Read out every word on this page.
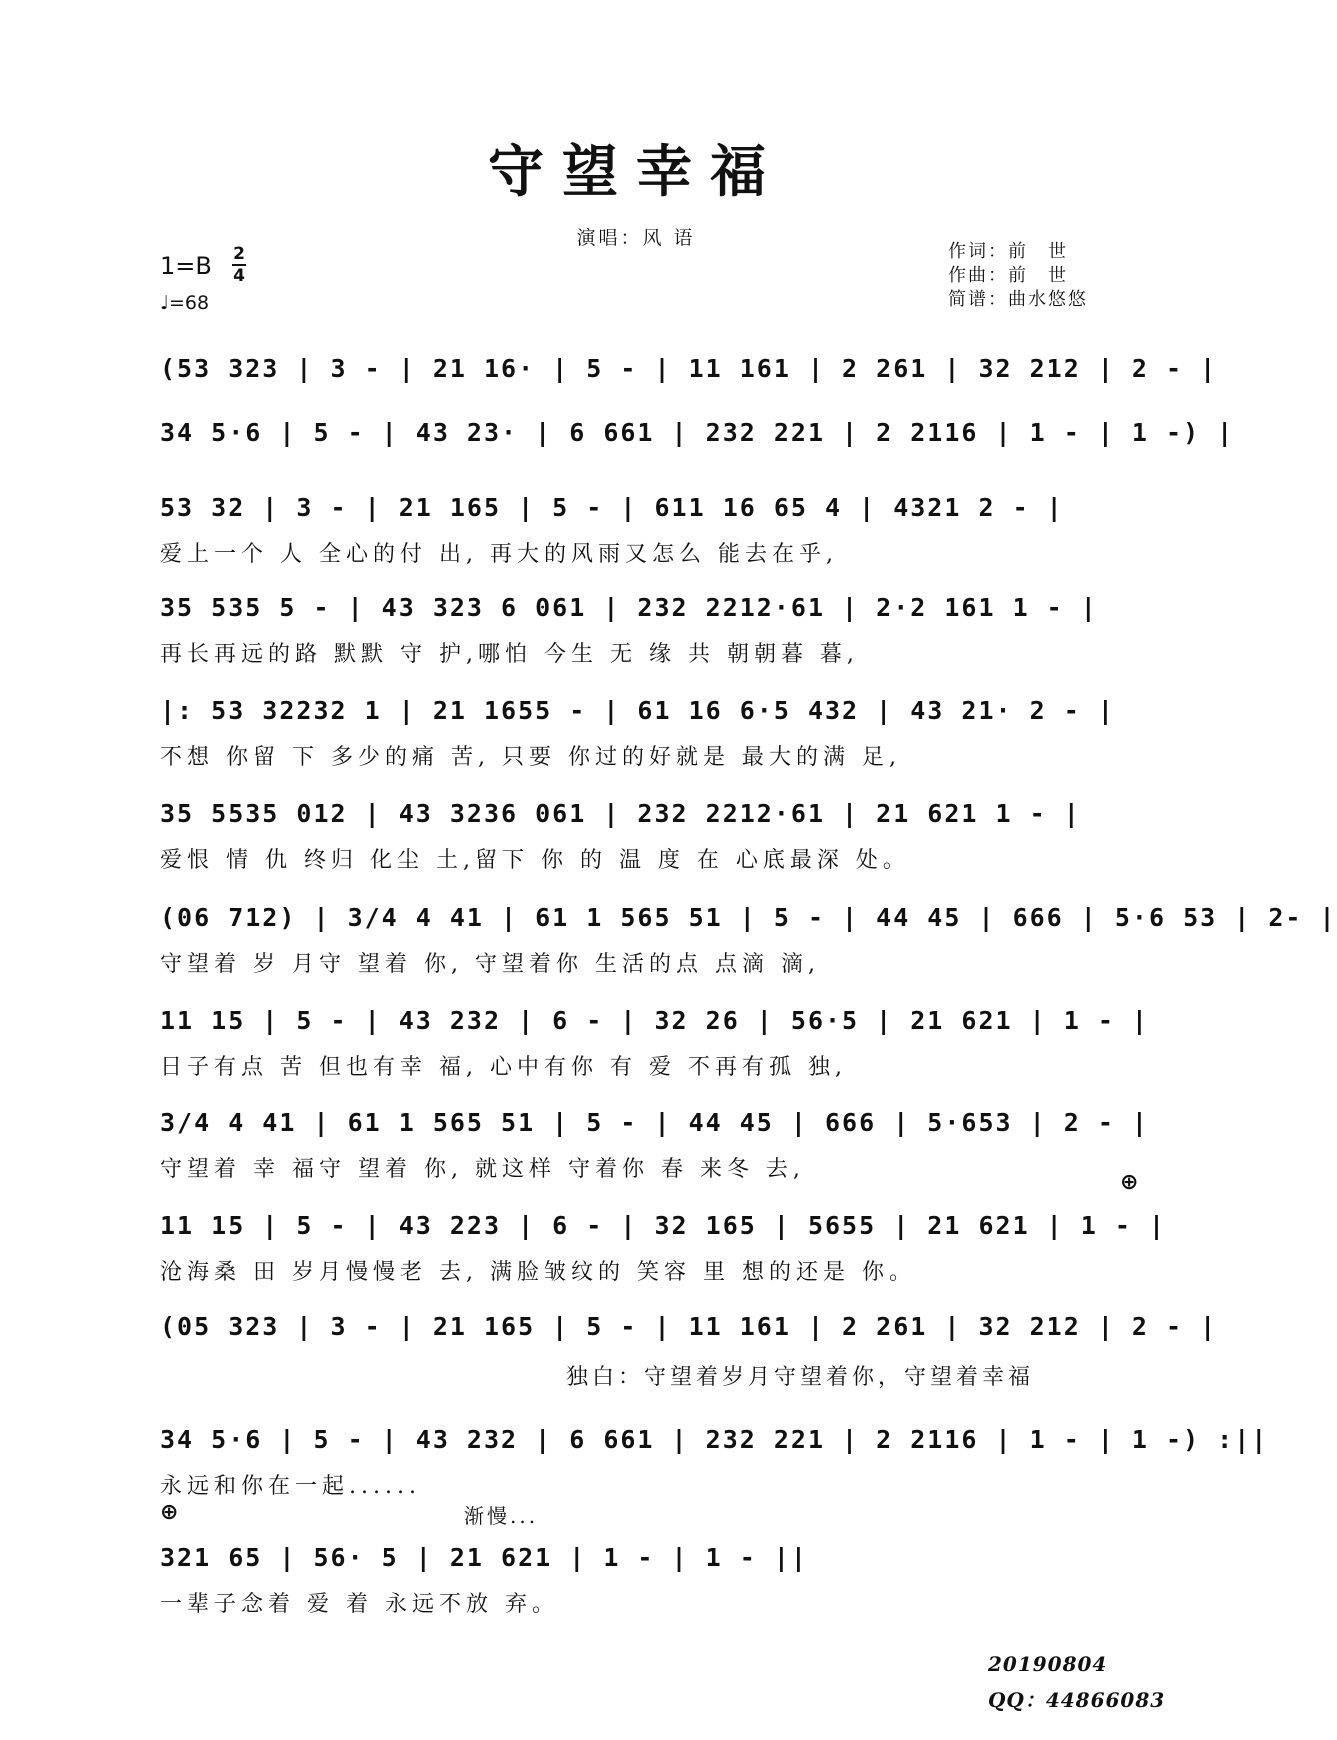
守望幸福
演唱：风 语
1=B 2
4
♩=68
作词：前　世
作曲：前　世
简谱：曲水悠悠
(53 323 | 3 - | 21 16· | 5 - | 11 161 | 2 261 | 32 212 | 2 - |
34 5·6 | 5 - | 43 23· | 6 661 | 232 221 | 2 2116 | 1 - | 1 -) |
53 32 | 3 - | 21 165 | 5 - | 611 16 65 4 | 4321 2 - |
爱上一个 人 全心的付 出, 再大的风雨又怎么 能去在乎,
35 535 5 - | 43 323 6 061 | 232 2212·61 | 2·2 161 1 - |
再长再远的路 默默 守 护,哪怕 今生 无 缘 共 朝朝暮 暮,
|: 53 32232 1 | 21 1655 - | 61 16 6·5 432 | 43 21· 2 - |
不想 你留 下 多少的痛 苦, 只要 你过的好就是 最大的满 足,
35 5535 012 | 43 3236 061 | 232 2212·61 | 21 621 1 - |
爱恨 情 仇 终归 化尘 土,留下 你 的 温 度 在 心底最深 处。
(06 712) | 3/4 4 41 | 61 1 565 51 | 5 - | 44 45 | 666 | 5·6 53 | 2- |
守望着 岁 月守 望着 你, 守望着你 生活的点 点滴 滴,
11 15 | 5 - | 43 232 | 6 - | 32 26 | 56·5 | 21 621 | 1 - |
日子有点 苦 但也有幸 福, 心中有你 有 爱 不再有孤 独,
3/4 4 41 | 61 1 565 51 | 5 - | 44 45 | 666 | 5·653 | 2 - |
守望着 幸 福守 望着 你, 就这样 守着你 春 来冬 去,
⊕
11 15 | 5 - | 43 223 | 6 - | 32 165 | 5655 | 21 621 | 1 - |
沧海桑 田 岁月慢慢老 去, 满脸皱纹的 笑容 里 想的还是 你。
(05 323 | 3 - | 21 165 | 5 - | 11 161 | 2 261 | 32 212 | 2 - |
独白：守望着岁月守望着你，守望着幸福
34 5·6 | 5 - | 43 232 | 6 661 | 232 221 | 2 2116 | 1 - | 1 -) :||
永远和你在一起......
⊕	渐慢...
321 65 | 56· 5 | 21 621 | 1 - | 1 - ||
一辈子念着 爱 着 永远不放 弃。
20190804
QQ：44866083
